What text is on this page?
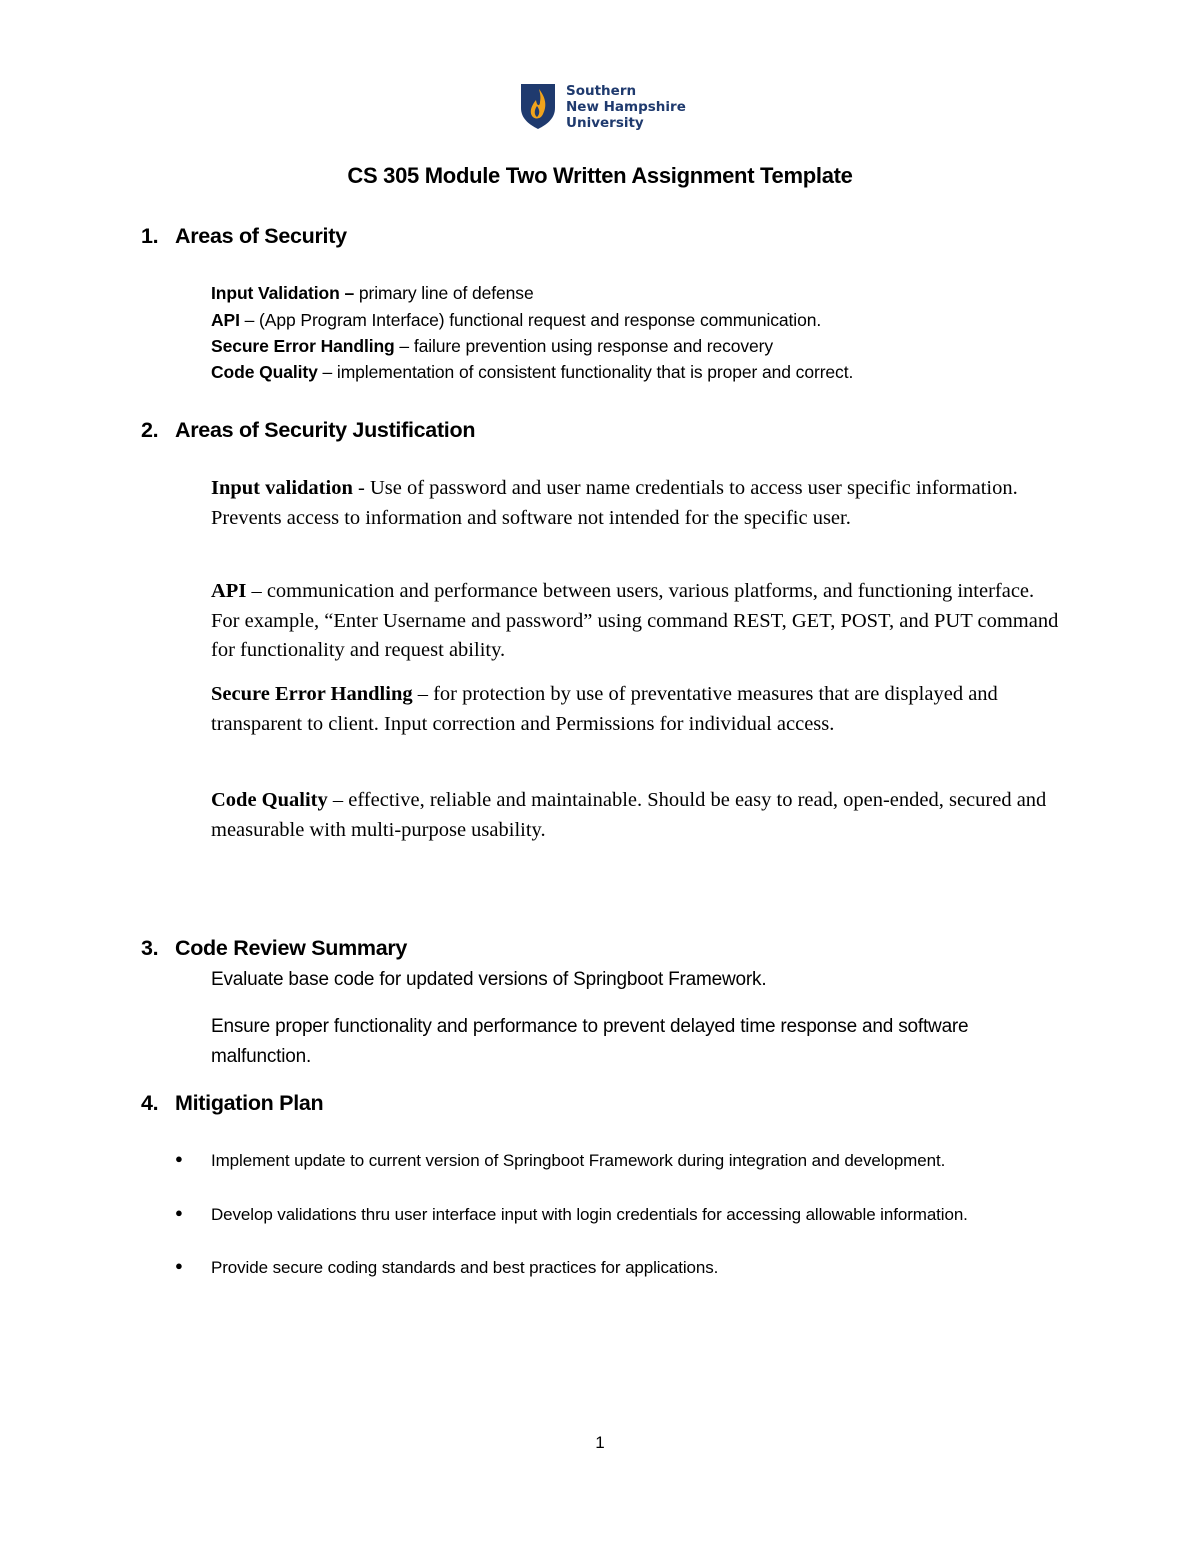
Southern
New Hampshire
University
CS 305 Module Two Written Assignment Template
1. Areas of Security
Input Validation – primary line of defense
API – (App Program Interface) functional request and response communication.
Secure Error Handling – failure prevention using response and recovery
Code Quality – implementation of consistent functionality that is proper and correct.
2. Areas of Security Justification
Input validation - Use of password and user name credentials to access user specific information. Prevents access to information and software not intended for the specific user.
API – communication and performance between users, various platforms, and functioning interface. For example, “Enter Username and password” using command REST, GET, POST, and PUT command for functionality and request ability.
Secure Error Handling – for protection by use of preventative measures that are displayed and transparent to client. Input correction and Permissions for individual access.
Code Quality – effective, reliable and maintainable. Should be easy to read, open-ended, secured and measurable with multi-purpose usability.
3. Code Review Summary
Evaluate base code for updated versions of Springboot Framework.
Ensure proper functionality and performance to prevent delayed time response and software malfunction.
4. Mitigation Plan
● Implement update to current version of Springboot Framework during integration and development.
● Develop validations thru user interface input with login credentials for accessing allowable information.
● Provide secure coding standards and best practices for applications.
1
